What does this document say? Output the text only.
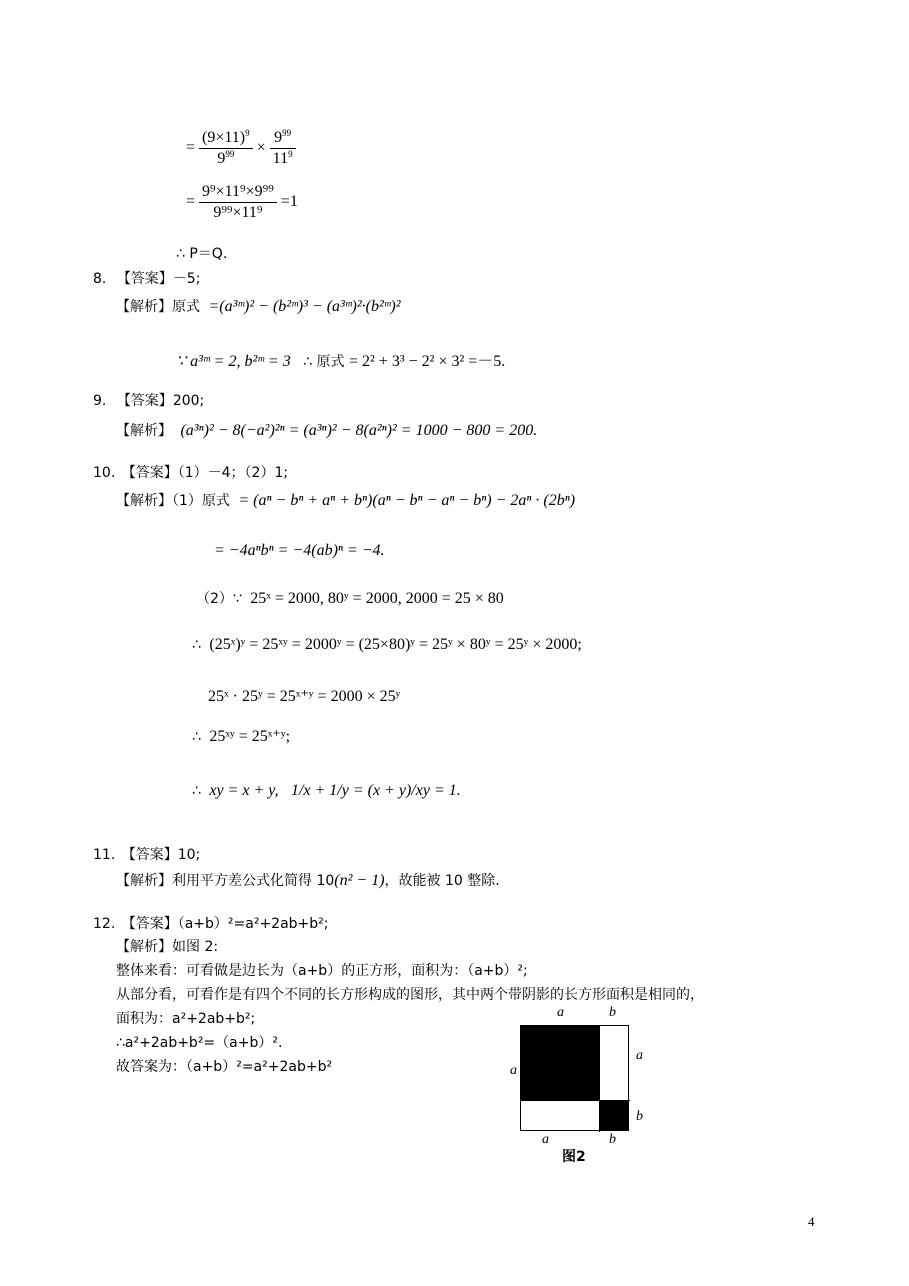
= $\frac{(9\times 11)^9}{9^{99}} \times \frac{9^{99}}{11^9}$
= $\frac{\text{9⁹×11⁹×9⁹⁹}}{\text{9⁹⁹×11⁹}} =1$
∴ P＝Q.
8. 【答案】－5;
【解析】原式 =(a³ᵐ)² − (b²ᵐ)³ − (a³ᵐ)²·(b²ᵐ)²
∵ a³ᵐ = 2, b²ᵐ = 3 ∴ 原式 = 2² + 3³ − 2² × 3² =－5.
9. 【答案】200;
【解析】 (a³ⁿ)² − 8(−a²)²ⁿ = (a³ⁿ)² − 8(a²ⁿ)² = 1000 − 800 = 200.
10. 【答案】（1）－4；（2）1;
【解析】（1）原式 = (aⁿ − bⁿ + aⁿ + bⁿ)(aⁿ − bⁿ − aⁿ − bⁿ) − 2aⁿ · (2bⁿ)
= −4aⁿbⁿ = −4(ab)ⁿ = −4.
（2）∵ 25ˣ = 2000, 80ʸ = 2000, 2000 = 25 × 80
∴ (25ˣ)ʸ = 25ˣʸ = 2000ʸ = (25×80)ʸ = 25ʸ × 80ʸ = 25ʸ × 2000;
25ˣ · 25ʸ = 25ˣ⁺ʸ = 2000 × 25ʸ
∴ 25ˣʸ = 25ˣ⁺ʸ;
∴ xy = x + y, 1/x + 1/y = (x + y)/xy = 1.
11. 【答案】10;
【解析】利用平方差公式化简得 10(n² − 1)，故能被 10 整除.
12. 【答案】（a+b）²=a²+2ab+b²;
【解析】如图 2:
整体来看：可看做是边长为（a+b）的正方形，面积为：（a+b）²;
从部分看，可看作是有四个不同的长方形构成的图形，其中两个带阴影的长方形面积是相同的，
面积为：a²+2ab+b²;
∴a²+2ab+b²=（a+b）².
故答案为：（a+b）²=a²+2ab+b²
a	b
a
b
a
a	b
图2
4
